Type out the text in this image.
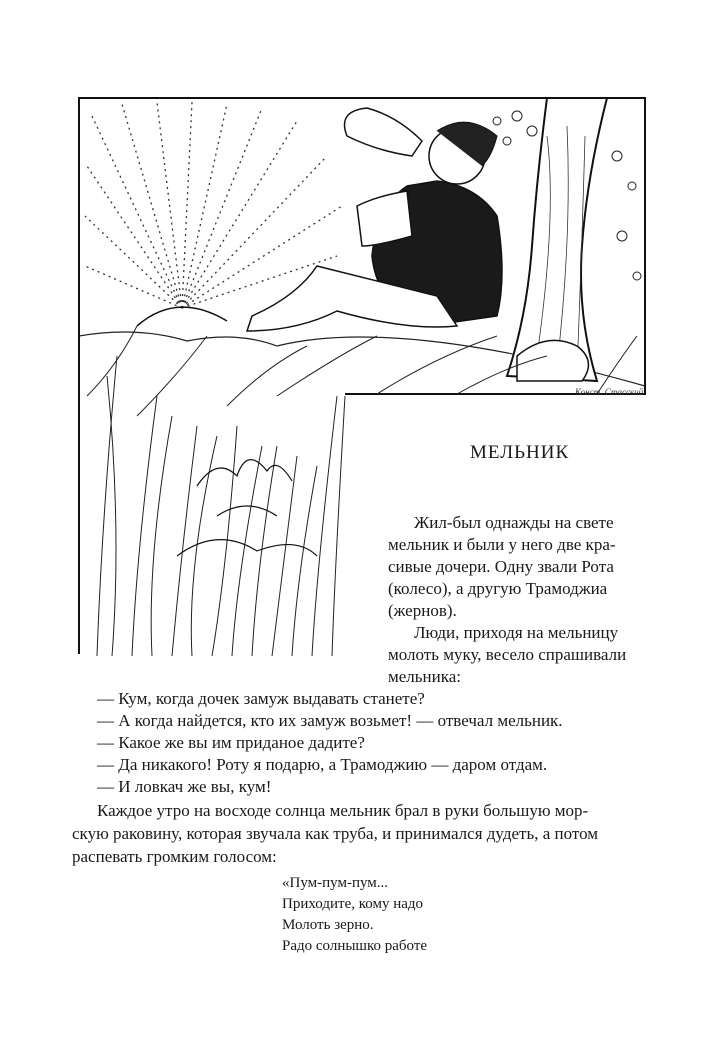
Конст. Стасский
МЕЛЬНИК

Жил-был однажды на свете

мельник и были у него две кра-

сивые дочери. Одну звали Рота

(колесо), а другую Трамоджиа

(жернов).

Люди, приходя на мельницу

молоть муку, весело спрашивали

мельника:

— Кум, когда дочек замуж выдавать станете?

— А когда найдется, кто их замуж возьмет! — отвечал мельник.

— Какое же вы им приданое дадите?

— Да никакого! Роту я подарю, а Трамоджию — даром отдам.

— И ловкач же вы, кум!

Каждое утро на восходе солнца мельник брал в руки большую мор-

скую раковину, которая звучала как труба, и принимался дудеть, а потом

распевать громким голосом:

«Пум-пум-пум...
Приходите, кому надо
Молоть зерно.
Радо солнышко работе
